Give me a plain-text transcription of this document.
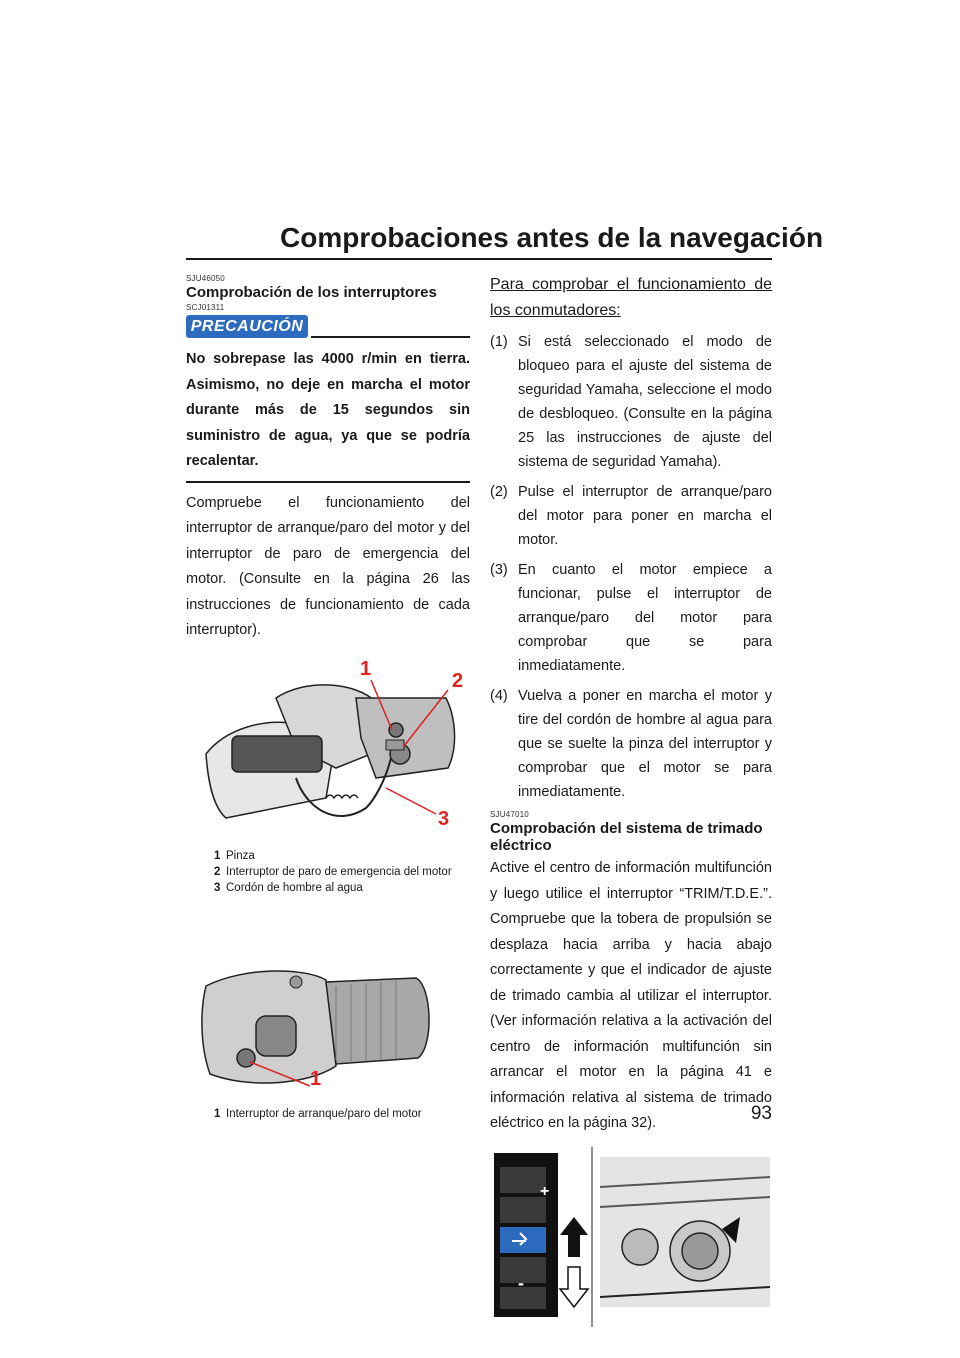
Comprobaciones antes de la navegación

SJU46050

Comprobación de los interruptores

SCJ01311

PRECAUCIÓN

No sobrepase las 4000 r/min en tierra. Asimismo, no deje en marcha el motor durante más de 15 segundos sin suministro de agua, ya que se podría recalentar.

Compruebe el funcionamiento del interruptor de arranque/paro del motor y del interruptor de paro de emergencia del motor. (Consulte en la página 26 las instrucciones de funcionamiento de cada interruptor).

1
2
3
1 Pinza
2 Interruptor de paro de emergencia del motor
3 Cordón de hombre al agua
1
1 Interruptor de arranque/paro del motor

Para comprobar el funcionamiento de los conmutadores:

(1) Si está seleccionado el modo de bloqueo para el ajuste del sistema de seguridad Yamaha, seleccione el modo de desbloqueo. (Consulte en la página 25 las instrucciones de ajuste del sistema de seguridad Yamaha).
(2) Pulse el interruptor de arranque/paro del motor para poner en marcha el motor.
(3) En cuanto el motor empiece a funcionar, pulse el interruptor de arranque/paro del motor para comprobar que se para inmediatamente.
(4) Vuelva a poner en marcha el motor y tire del cordón de hombre al agua para que se suelte la pinza del interruptor y comprobar que el motor se para inmediatamente.

SJU47010

Comprobación del sistema de trimado eléctrico

Active el centro de información multifunción y luego utilice el interruptor “TRIM/T.D.E.”. Compruebe que la tobera de propulsión se desplaza hacia arriba y hacia abajo correctamente y que el indicador de ajuste de trimado cambia al utilizar el interruptor. (Ver información relativa a la activación del centro de información multifunción sin arrancar el motor en la página 41 e información relativa al sistema de trimado eléctrico en la página 32).

+
-
93
